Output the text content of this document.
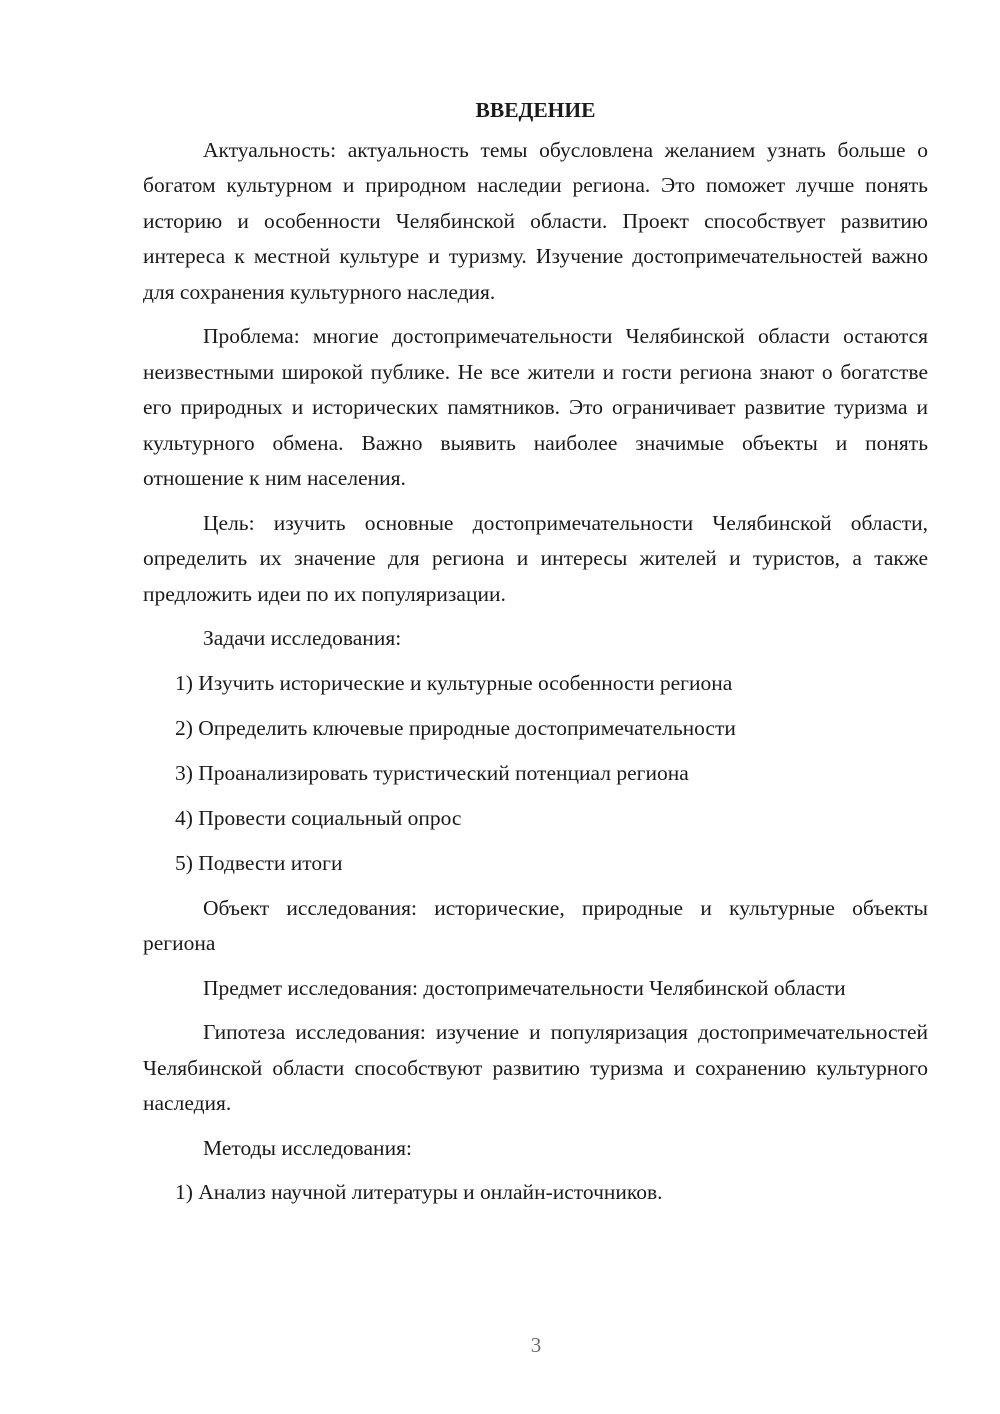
ВВЕДЕНИЕ

Актуальность: актуальность темы обусловлена желанием узнать больше о богатом культурном и природном наследии региона. Это поможет лучше понять историю и особенности Челябинской области. Проект способствует развитию интереса к местной культуре и туризму. Изучение достопримечательностей важно для сохранения культурного наследия.

Проблема: многие достопримечательности Челябинской области остаются неизвестными широкой публике. Не все жители и гости региона знают о богатстве его природных и исторических памятников. Это ограничивает развитие туризма и культурного обмена. Важно выявить наиболее значимые объекты и понять отношение к ним населения.

Цель: изучить основные достопримечательности Челябинской области, определить их значение для региона и интересы жителей и туристов, а также предложить идеи по их популяризации.

Задачи исследования:

1) Изучить исторические и культурные особенности региона
2) Определить ключевые природные достопримечательности
3) Проанализировать туристический потенциал региона
4) Провести социальный опрос
5) Подвести итоги

Объект исследования: исторические, природные и культурные объекты региона

Предмет исследования: достопримечательности Челябинской области

Гипотеза исследования: изучение и популяризация достопримечательностей Челябинской области способствуют развитию туризма и сохранению культурного наследия.

Методы исследования:

1) Анализ научной литературы и онлайн-источников.
3
